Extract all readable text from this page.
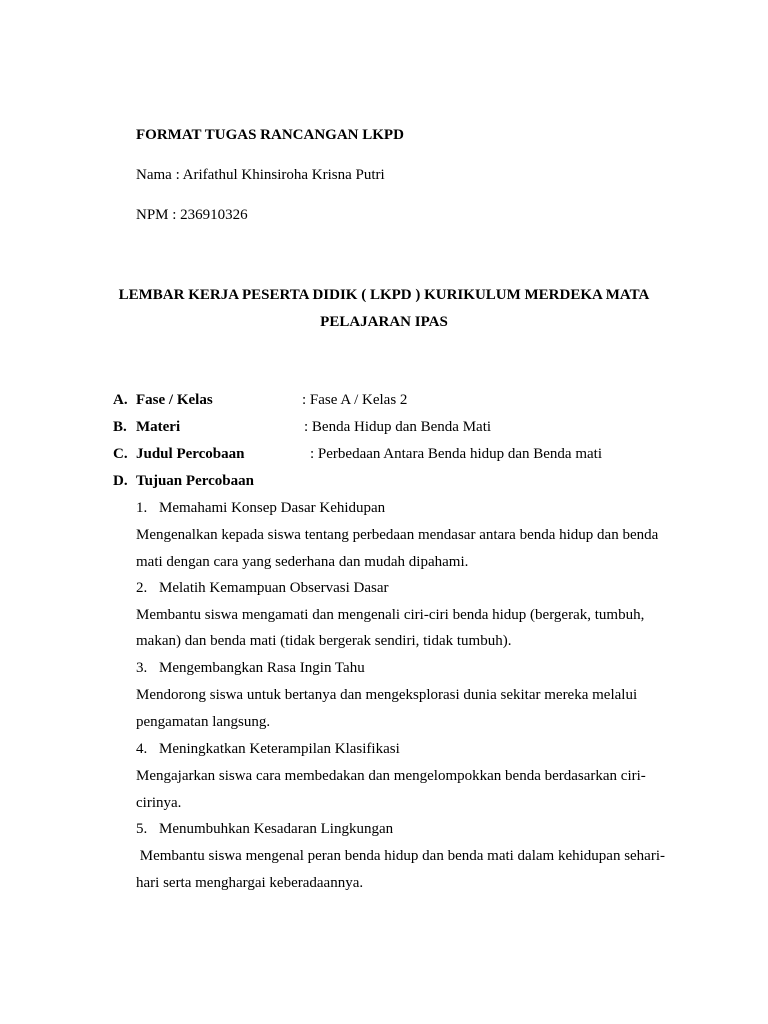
FORMAT TUGAS RANCANGAN LKPD
Nama : Arifathul Khinsiroha Krisna Putri
NPM : 236910326
LEMBAR KERJA PESERTA DIDIK ( LKPD ) KURIKULUM MERDEKA MATA
PELAJARAN IPAS
A. Fase / Kelas	: Fase A / Kelas 2
B. Materi	: Benda Hidup dan Benda Mati
C. Judul Percobaan	: Perbedaan Antara Benda hidup dan Benda mati
D. Tujuan Percobaan
1. Memahami Konsep Dasar Kehidupan
Mengenalkan kepada siswa tentang perbedaan mendasar antara benda hidup dan benda
mati dengan cara yang sederhana dan mudah dipahami.
2. Melatih Kemampuan Observasi Dasar
Membantu siswa mengamati dan mengenali ciri-ciri benda hidup (bergerak, tumbuh,
makan) dan benda mati (tidak bergerak sendiri, tidak tumbuh).
3. Mengembangkan Rasa Ingin Tahu
Mendorong siswa untuk bertanya dan mengeksplorasi dunia sekitar mereka melalui
pengamatan langsung.
4. Meningkatkan Keterampilan Klasifikasi
Mengajarkan siswa cara membedakan dan mengelompokkan benda berdasarkan ciri-
cirinya.
5. Menumbuhkan Kesadaran Lingkungan
Membantu siswa mengenal peran benda hidup dan benda mati dalam kehidupan sehari-
hari serta menghargai keberadaannya.
